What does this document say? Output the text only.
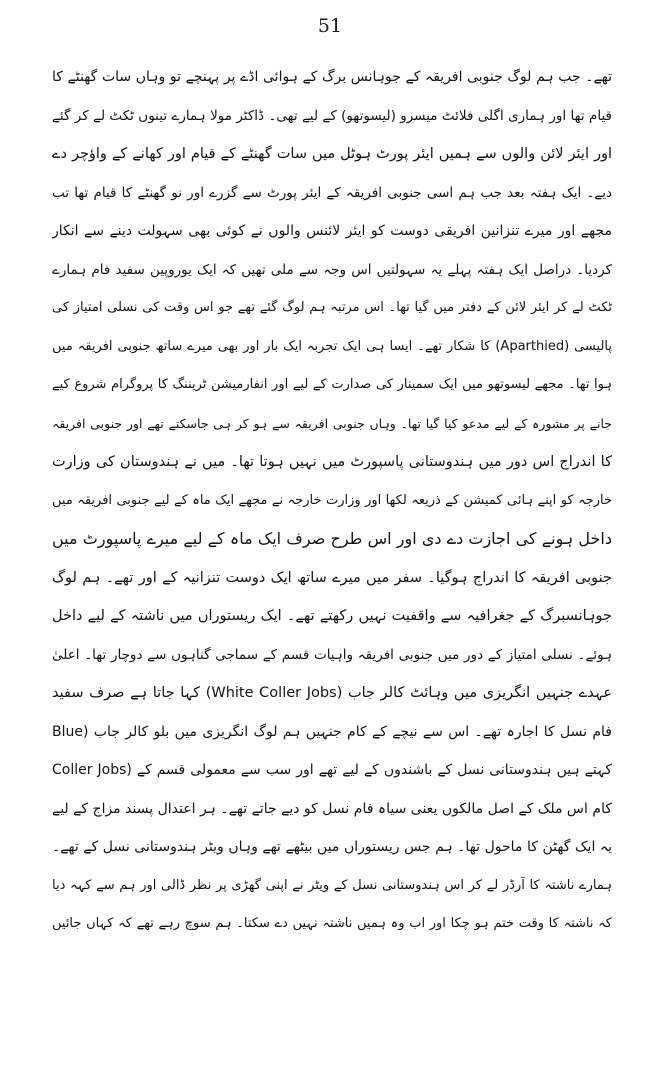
51
تھے۔ جب ہم لوگ جنوبی افریقہ کے جوہانس برگ کے ہوائی اڈے پر پہنچے تو وہاں سات گھنٹے کا
قیام تھا اور ہماری اگلی فلائٹ میسرو (لیسوتھو) کے لیے تھی۔ ڈاکٹر مولا ہمارے تینوں ٹکٹ لے کر گئے
اور ایئر لائن والوں سے ہمیں ایئر پورٹ ہوٹل میں سات گھنٹے کے قیام اور کھانے کے واؤچر دے
دیے۔ ایک ہفتہ بعد جب ہم اسی جنوبی افریقہ کے ایئر پورٹ سے گزرے اور نو گھنٹے کا قیام تھا تب
مجھے اور میرے تنزانین افریقی دوست کو ایئر لائنس والوں نے کوئی بھی سہولت دینے سے انکار
کردیا۔ دراصل ایک ہفتہ پہلے یہ سہولتیں اس وجہ سے ملی تھیں کہ ایک یوروپین سفید فام ہمارے
ٹکٹ لے کر ایئر لائن کے دفتر میں گیا تھا۔ اس مرتبہ ہم لوگ گئے تھے جو اس وقت کی نسلی امتیاز کی
پالیسی (Aparthied) کا شکار تھے۔ ایسا ہی ایک تجربہ ایک بار اور بھی میرے ساتھ جنوبی افریقہ میں
ہوا تھا۔ مجھے لیسوتھو میں ایک سمینار کی صدارت کے لیے اور انفارمیشن ٹریننگ کا پروگرام شروع کیے
جانے پر مشورہ کے لیے مدعو کیا گیا تھا۔ وہاں جنوبی افریقہ سے ہو کر ہی جاسکتے تھے اور جنوبی افریقہ
کا اندراج اس دور میں ہندوستانی پاسپورٹ میں نہیں ہوتا تھا۔ میں نے ہندوستان کی وزارت
خارجہ کو اپنے ہائی کمیشن کے ذریعہ لکھا اور وزارت خارجہ نے مجھے ایک ماہ کے لیے جنوبی افریقہ میں
داخل ہونے کی اجازت دے دی اور اس طرح صرف ایک ماہ کے لیے میرے پاسپورٹ میں
جنوبی افریقہ کا اندراج ہوگیا۔ سفر میں میرے ساتھ ایک دوست تنزانیہ کے اور تھے۔ ہم لوگ
جوہانسبرگ کے جغرافیہ سے واقفیت نہیں رکھتے تھے۔ ایک ریستوراں میں ناشتہ کے لیے داخل
ہوئے۔ نسلی امتیاز کے دور میں جنوبی افریقہ واہیات قسم کے سماجی گناہوں سے دوچار تھا۔ اعلیٰ
عہدے جنہیں انگریزی میں وہائٹ کالر جاب (White Coller Jobs) کہا جاتا ہے صرف سفید
فام نسل کا اجارہ تھے۔ اس سے نیچے کے کام جنہیں ہم لوگ انگریزی میں بلو کالر جاب (Blue
Coller Jobs) کہتے ہیں ہندوستانی نسل کے باشندوں کے لیے تھے اور سب سے معمولی قسم کے
کام اس ملک کے اصل مالکوں یعنی سیاہ فام نسل کو دیے جاتے تھے۔ ہر اعتدال پسند مزاج کے لیے
یہ ایک گھٹن کا ماحول تھا۔ ہم جس ریستوراں میں بیٹھے تھے وہاں ویٹر ہندوستانی نسل کے تھے۔
ہمارے ناشتہ کا آرڈر لے کر اس ہندوستانی نسل کے ویٹر نے اپنی گھڑی پر نظر ڈالی اور ہم سے کہہ دیا
کہ ناشتہ کا وقت ختم ہو چکا اور اب وہ ہمیں ناشتہ نہیں دے سکتا۔ ہم سوچ رہے تھے کہ کہاں جائیں
